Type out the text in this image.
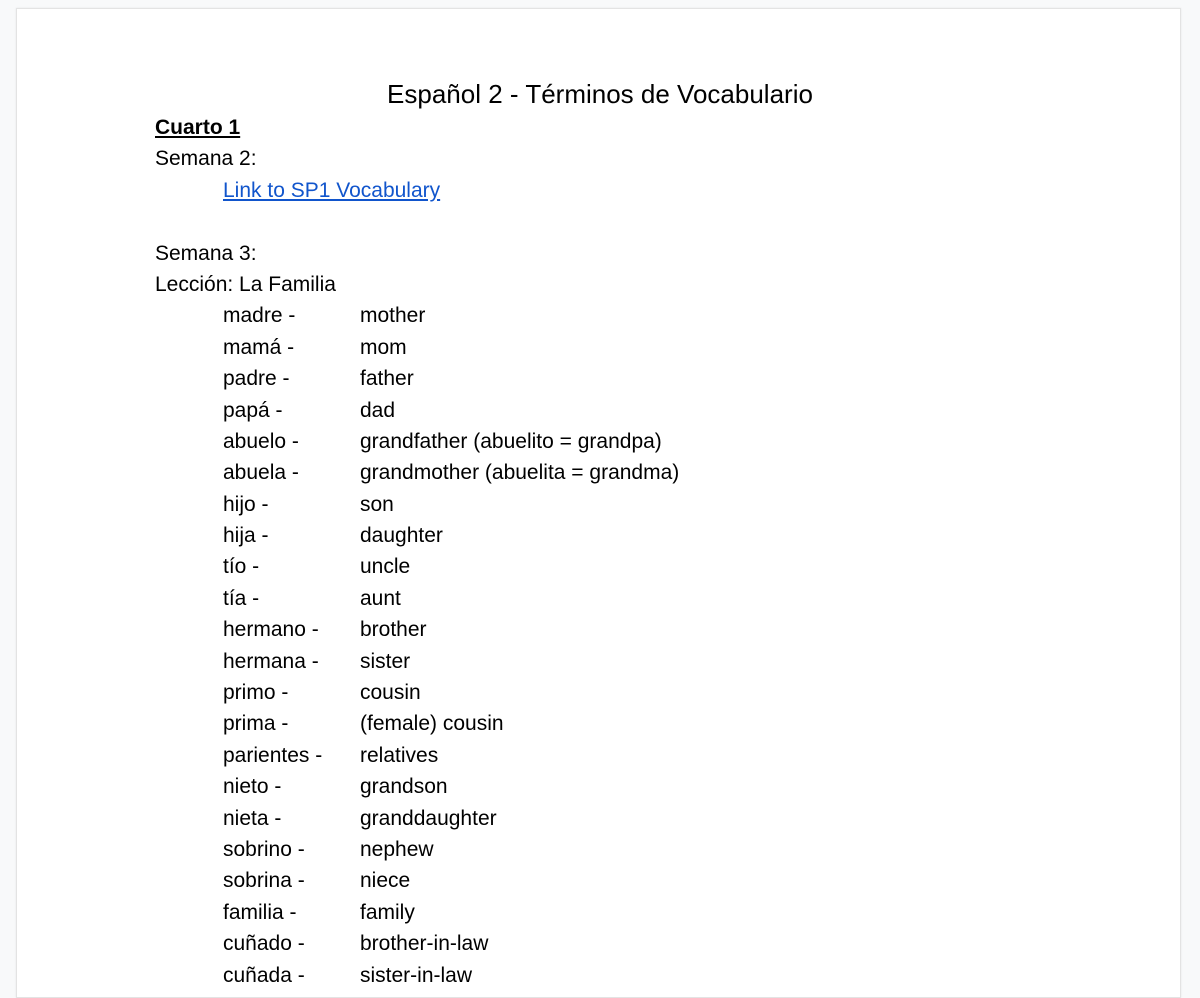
Español 2 - Términos de Vocabulario
Cuarto 1
Semana 2:
Link to SP1 Vocabulary
Semana 3:
Lección: La Familia
madre -	mother
mamá -	mom
padre -	father
papá -	dad
abuelo -	grandfather (abuelito = grandpa)
abuela -	grandmother (abuelita = grandma)
hijo -	son
hija -	daughter
tío -	uncle
tía -	aunt
hermano -	brother
hermana -	sister
primo -	cousin
prima -	(female) cousin
parientes -	relatives
nieto -	grandson
nieta -	granddaughter
sobrino -	nephew
sobrina -	niece
familia -	family
cuñado -	brother-in-law
cuñada -	sister-in-law
